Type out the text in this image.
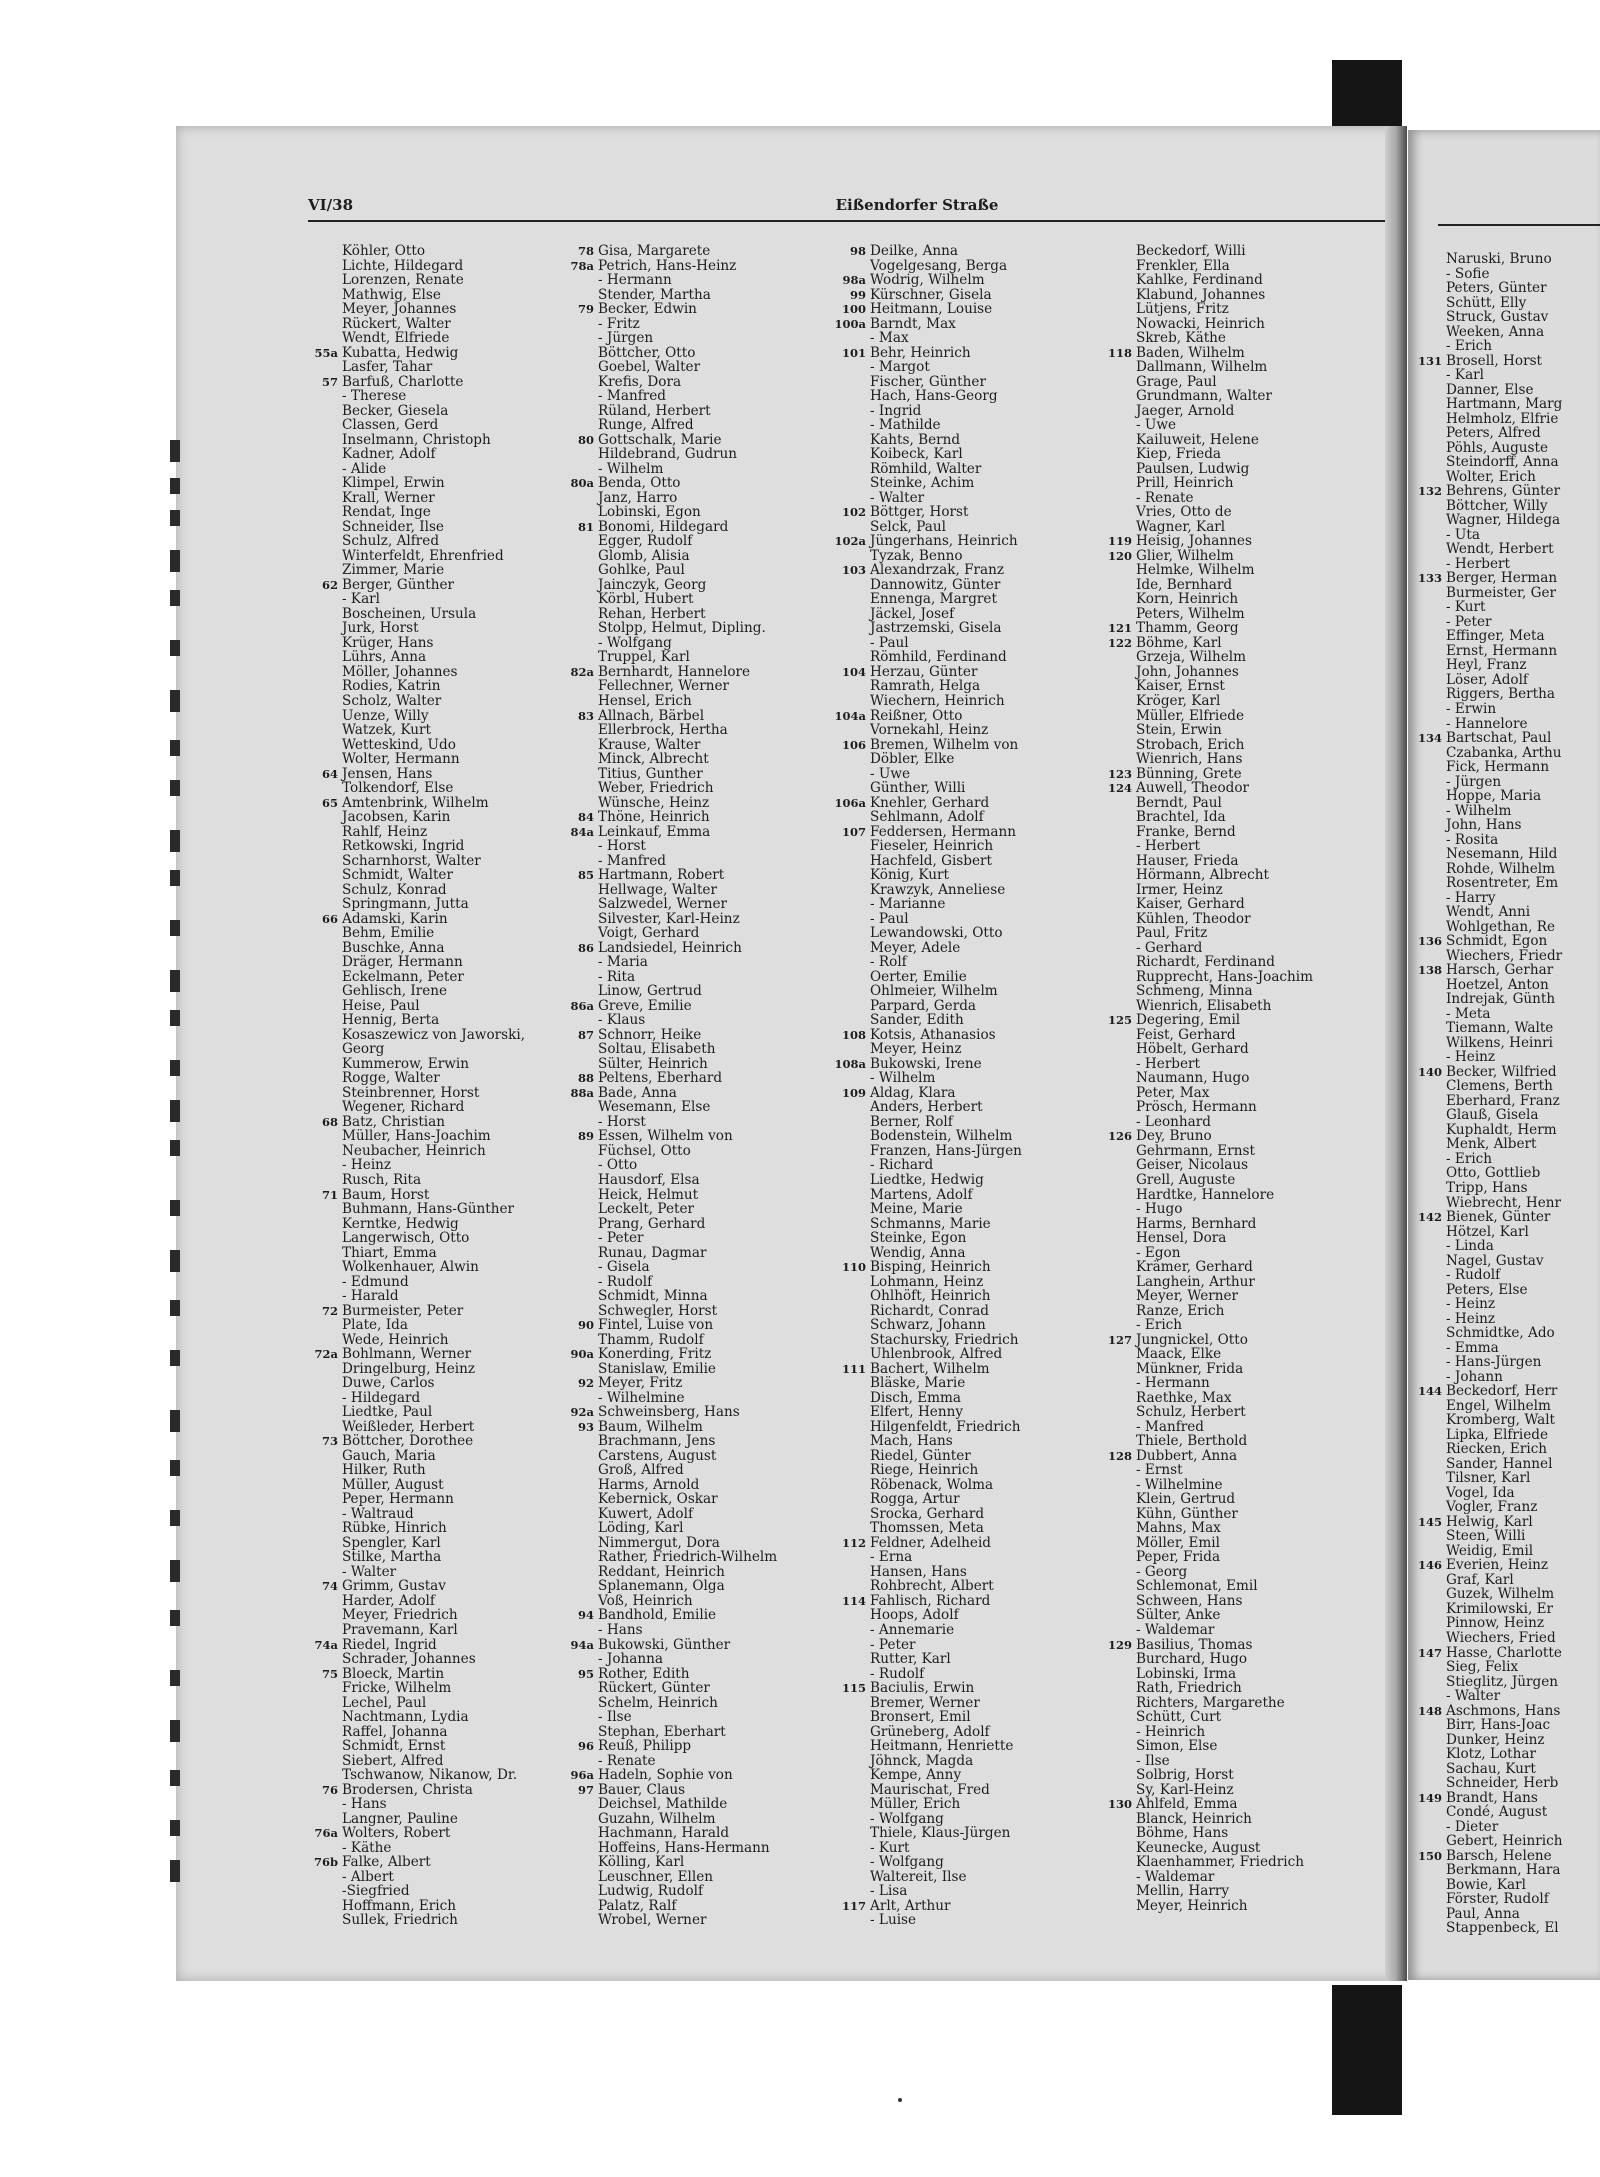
VI/38	Eißendorfer Straße
Köhler, Otto
Lichte, Hildegard
Lorenzen, Renate
Mathwig, Else
Meyer, Johannes
Rückert, Walter
Wendt, Elfriede
55a Kubatta, Hedwig
Lasfer, Tahar
57 Barfuß, Charlotte
- Therese
Becker, Giesela
Classen, Gerd
Inselmann, Christoph
Kadner, Adolf
- Alide
Klimpel, Erwin
Krall, Werner
Rendat, Inge
Schneider, Ilse
Schulz, Alfred
Winterfeldt, Ehrenfried
Zimmer, Marie
62 Berger, Günther
- Karl
Boscheinen, Ursula
Jurk, Horst
Krüger, Hans
Lührs, Anna
Möller, Johannes
Rodies, Katrin
Scholz, Walter
Uenze, Willy
Watzek, Kurt
Wetteskind, Udo
Wolter, Hermann
64 Jensen, Hans
Tolkendorf, Else
65 Amtenbrink, Wilhelm
Jacobsen, Karin
Rahlf, Heinz
Retkowski, Ingrid
Scharnhorst, Walter
Schmidt, Walter
Schulz, Konrad
Springmann, Jutta
66 Adamski, Karin
Behm, Emilie
Buschke, Anna
Dräger, Hermann
Eckelmann, Peter
Gehlisch, Irene
Heise, Paul
Hennig, Berta
Kosaszewicz von Jaworski,
Georg
Kummerow, Erwin
Rogge, Walter
Steinbrenner, Horst
Wegener, Richard
68 Batz, Christian
Müller, Hans-Joachim
Neubacher, Heinrich
- Heinz
Rusch, Rita
71 Baum, Horst
Buhmann, Hans-Günther
Kerntke, Hedwig
Langerwisch, Otto
Thiart, Emma
Wolkenhauer, Alwin
- Edmund
- Harald
72 Burmeister, Peter
Plate, Ida
Wede, Heinrich
72a Bohlmann, Werner
Dringelburg, Heinz
Duwe, Carlos
- Hildegard
Liedtke, Paul
Weißleder, Herbert
73 Böttcher, Dorothee
Gauch, Maria
Hilker, Ruth
Müller, August
Peper, Hermann
- Waltraud
Rübke, Hinrich
Spengler, Karl
Stilke, Martha
- Walter
74 Grimm, Gustav
Harder, Adolf
Meyer, Friedrich
Pravemann, Karl
74a Riedel, Ingrid
Schrader, Johannes
75 Bloeck, Martin
Fricke, Wilhelm
Lechel, Paul
Nachtmann, Lydia
Raffel, Johanna
Schmidt, Ernst
Siebert, Alfred
Tschwanow, Nikanow, Dr.
76 Brodersen, Christa
- Hans
Langner, Pauline
76a Wolters, Robert
- Käthe
76b Falke, Albert
- Albert
-Siegfried
Hoffmann, Erich
Sullek, Friedrich
78 Gisa, Margarete
78a Petrich, Hans-Heinz
- Hermann
Stender, Martha
79 Becker, Edwin
- Fritz
- Jürgen
Böttcher, Otto
Goebel, Walter
Krefis, Dora
- Manfred
Rüland, Herbert
Runge, Alfred
80 Gottschalk, Marie
Hildebrand, Gudrun
- Wilhelm
80a Benda, Otto
Janz, Harro
Lobinski, Egon
81 Bonomi, Hildegard
Egger, Rudolf
Glomb, Alisia
Gohlke, Paul
Jainczyk, Georg
Körbl, Hubert
Rehan, Herbert
Stolpp, Helmut, Dipling.
- Wolfgang
Truppel, Karl
82a Bernhardt, Hannelore
Fellechner, Werner
Hensel, Erich
83 Allnach, Bärbel
Ellerbrock, Hertha
Krause, Walter
Minck, Albrecht
Titius, Gunther
Weber, Friedrich
Wünsche, Heinz
84 Thöne, Heinrich
84a Leinkauf, Emma
- Horst
- Manfred
85 Hartmann, Robert
Hellwage, Walter
Salzwedel, Werner
Silvester, Karl-Heinz
Voigt, Gerhard
86 Landsiedel, Heinrich
- Maria
- Rita
Linow, Gertrud
86a Greve, Emilie
- Klaus
87 Schnorr, Heike
Soltau, Elisabeth
Sülter, Heinrich
88 Peltens, Eberhard
88a Bade, Anna
Wesemann, Else
- Horst
89 Essen, Wilhelm von
Füchsel, Otto
- Otto
Hausdorf, Elsa
Heick, Helmut
Leckelt, Peter
Prang, Gerhard
- Peter
Runau, Dagmar
- Gisela
- Rudolf
Schmidt, Minna
Schwegler, Horst
90 Fintel, Luise von
Thamm, Rudolf
90a Konerding, Fritz
Stanislaw, Emilie
92 Meyer, Fritz
- Wilhelmine
92a Schweinsberg, Hans
93 Baum, Wilhelm
Brachmann, Jens
Carstens, August
Groß, Alfred
Harms, Arnold
Kebernick, Oskar
Kuwert, Adolf
Löding, Karl
Nimmergut, Dora
Rather, Friedrich-Wilhelm
Reddant, Heinrich
Splanemann, Olga
Voß, Heinrich
94 Bandhold, Emilie
- Hans
94a Bukowski, Günther
- Johanna
95 Rother, Edith
Rückert, Günter
Schelm, Heinrich
- Ilse
Stephan, Eberhart
96 Reuß, Philipp
- Renate
96a Hadeln, Sophie von
97 Bauer, Claus
Deichsel, Mathilde
Guzahn, Wilhelm
Hachmann, Harald
Hoffeins, Hans-Hermann
Kölling, Karl
Leuschner, Ellen
Ludwig, Rudolf
Palatz, Ralf
Wrobel, Werner
98 Deilke, Anna
Vogelgesang, Berga
98a Wodrig, Wilhelm
99 Kürschner, Gisela
100 Heitmann, Louise
100a Barndt, Max
- Max
101 Behr, Heinrich
- Margot
Fischer, Günther
Hach, Hans-Georg
- Ingrid
- Mathilde
Kahts, Bernd
Koibeck, Karl
Römhild, Walter
Steinke, Achim
- Walter
102 Böttger, Horst
Selck, Paul
102a Jüngerhans, Heinrich
Tyzak, Benno
103 Alexandrzak, Franz
Dannowitz, Günter
Ennenga, Margret
Jäckel, Josef
Jastrzemski, Gisela
- Paul
Römhild, Ferdinand
104 Herzau, Günter
Ramrath, Helga
Wiechern, Heinrich
104a Reißner, Otto
Vornekahl, Heinz
106 Bremen, Wilhelm von
Döbler, Elke
- Uwe
Günther, Willi
106a Knehler, Gerhard
Sehlmann, Adolf
107 Feddersen, Hermann
Fieseler, Heinrich
Hachfeld, Gisbert
König, Kurt
Krawzyk, Anneliese
- Marianne
- Paul
Lewandowski, Otto
Meyer, Adele
- Rolf
Oerter, Emilie
Ohlmeier, Wilhelm
Parpard, Gerda
Sander, Edith
108 Kotsis, Athanasios
Meyer, Heinz
108a Bukowski, Irene
- Wilhelm
109 Aldag, Klara
Anders, Herbert
Berner, Rolf
Bodenstein, Wilhelm
Franzen, Hans-Jürgen
- Richard
Liedtke, Hedwig
Martens, Adolf
Meine, Marie
Schmanns, Marie
Steinke, Egon
Wendig, Anna
110 Bisping, Heinrich
Lohmann, Heinz
Ohlhöft, Heinrich
Richardt, Conrad
Schwarz, Johann
Stachursky, Friedrich
Uhlenbrook, Alfred
111 Bachert, Wilhelm
Bläske, Marie
Disch, Emma
Elfert, Henny
Hilgenfeldt, Friedrich
Mach, Hans
Riedel, Günter
Riege, Heinrich
Röbenack, Wolma
Rogga, Artur
Srocka, Gerhard
Thomssen, Meta
112 Feldner, Adelheid
- Erna
Hansen, Hans
Rohbrecht, Albert
114 Fahlisch, Richard
Hoops, Adolf
- Annemarie
- Peter
Rutter, Karl
- Rudolf
115 Baciulis, Erwin
Bremer, Werner
Bronsert, Emil
Grüneberg, Adolf
Heitmann, Henriette
Jöhnck, Magda
Kempe, Anny
Maurischat, Fred
Müller, Erich
- Wolfgang
Thiele, Klaus-Jürgen
- Kurt
- Wolfgang
Waltereit, Ilse
- Lisa
117 Arlt, Arthur
- Luise
Beckedorf, Willi
Frenkler, Ella
Kahlke, Ferdinand
Klabund, Johannes
Lütjens, Fritz
Nowacki, Heinrich
Skreb, Käthe
118 Baden, Wilhelm
Dallmann, Wilhelm
Grage, Paul
Grundmann, Walter
Jaeger, Arnold
- Uwe
Kailuweit, Helene
Kiep, Frieda
Paulsen, Ludwig
Prill, Heinrich
- Renate
Vries, Otto de
Wagner, Karl
119 Heisig, Johannes
120 Glier, Wilhelm
Helmke, Wilhelm
Ide, Bernhard
Korn, Heinrich
Peters, Wilhelm
121 Thamm, Georg
122 Böhme, Karl
Grzeja, Wilhelm
John, Johannes
Kaiser, Ernst
Kröger, Karl
Müller, Elfriede
Stein, Erwin
Strobach, Erich
Wienrich, Hans
123 Bünning, Grete
124 Auwell, Theodor
Berndt, Paul
Brachtel, Ida
Franke, Bernd
- Herbert
Hauser, Frieda
Hörmann, Albrecht
Irmer, Heinz
Kaiser, Gerhard
Kühlen, Theodor
Paul, Fritz
- Gerhard
Richardt, Ferdinand
Rupprecht, Hans-Joachim
Schmeng, Minna
Wienrich, Elisabeth
125 Degering, Emil
Feist, Gerhard
Höbelt, Gerhard
- Herbert
Naumann, Hugo
Peter, Max
Prösch, Hermann
- Leonhard
126 Dey, Bruno
Gehrmann, Ernst
Geiser, Nicolaus
Grell, Auguste
Hardtke, Hannelore
- Hugo
Harms, Bernhard
Hensel, Dora
- Egon
Krämer, Gerhard
Langhein, Arthur
Meyer, Werner
Ranze, Erich
- Erich
127 Jungnickel, Otto
Maack, Elke
Münkner, Frida
- Hermann
Raethke, Max
Schulz, Herbert
- Manfred
Thiele, Berthold
128 Dubbert, Anna
- Ernst
- Wilhelmine
Klein, Gertrud
Kühn, Günther
Mahns, Max
Möller, Emil
Peper, Frida
- Georg
Schlemonat, Emil
Schween, Hans
Sülter, Anke
- Waldemar
129 Basilius, Thomas
Burchard, Hugo
Lobinski, Irma
Rath, Friedrich
Richters, Margarethe
Schütt, Curt
- Heinrich
Simon, Else
- Ilse
Solbrig, Horst
Sy, Karl-Heinz
130 Ahlfeld, Emma
Blanck, Heinrich
Böhme, Hans
Keunecke, August
Klaenhammer, Friedrich
- Waldemar
Mellin, Harry
Meyer, Heinrich
Naruski, Bruno
- Sofie
Peters, Günter
Schütt, Elly
Struck, Gustav
Weeken, Anna
- Erich
131 Brosell, Horst
- Karl
Danner, Else
Hartmann, Marg
Helmholz, Elfrie
Peters, Alfred
Pöhls, Auguste
Steindorff, Anna
Wolter, Erich
132 Behrens, Günter
Böttcher, Willy
Wagner, Hildega
- Uta
Wendt, Herbert
- Herbert
133 Berger, Herman
Burmeister, Ger
- Kurt
- Peter
Effinger, Meta
Ernst, Hermann
Heyl, Franz
Löser, Adolf
Riggers, Bertha
- Erwin
- Hannelore
134 Bartschat, Paul
Czabanka, Arthu
Fick, Hermann
- Jürgen
Hoppe, Maria
- Wilhelm
John, Hans
- Rosita
Nesemann, Hild
Rohde, Wilhelm
Rosentreter, Em
- Harry
Wendt, Anni
Wohlgethan, Re
136 Schmidt, Egon
Wiechers, Friedr
138 Harsch, Gerhar
Hoetzel, Anton
Indrejak, Günth
- Meta
Tiemann, Walte
Wilkens, Heinri
- Heinz
140 Becker, Wilfried
Clemens, Berth
Eberhard, Franz
Glauß, Gisela
Kuphaldt, Herm
Menk, Albert
- Erich
Otto, Gottlieb
Tripp, Hans
Wiebrecht, Henr
142 Bienek, Günter
Hötzel, Karl
- Linda
Nagel, Gustav
- Rudolf
Peters, Else
- Heinz
- Heinz
Schmidtke, Ado
- Emma
- Hans-Jürgen
- Johann
144 Beckedorf, Herr
Engel, Wilhelm
Kromberg, Walt
Lipka, Elfriede
Riecken, Erich
Sander, Hannel
Tilsner, Karl
Vogel, Ida
Vogler, Franz
145 Helwig, Karl
Steen, Willi
Weidig, Emil
146 Everien, Heinz
Graf, Karl
Guzek, Wilhelm
Krimilowski, Er
Pinnow, Heinz
Wiechers, Fried
147 Hasse, Charlotte
Sieg, Felix
Stieglitz, Jürgen
- Walter
148 Aschmons, Hans
Birr, Hans-Joac
Dunker, Heinz
Klotz, Lothar
Sachau, Kurt
Schneider, Herb
149 Brandt, Hans
Condé, August
- Dieter
Gebert, Heinrich
150 Barsch, Helene
Berkmann, Hara
Bowie, Karl
Förster, Rudolf
Paul, Anna
Stappenbeck, El
